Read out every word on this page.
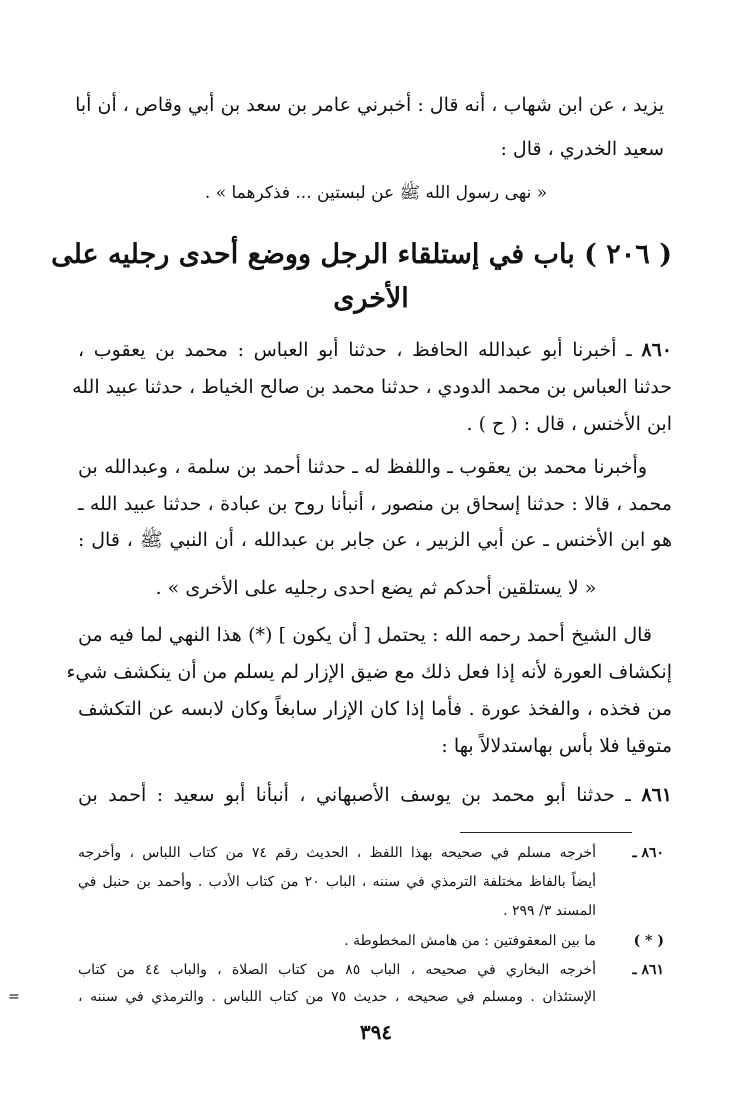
يزيد ، عن ابن شهاب ، أنه قال : أخبرني عامر بن سعد بن أبي وقاص ، أن أبا
سعيد الخدري ، قال :
« نهى رسول الله ﷺ عن لبستين ... فذكرهما » .
( ٢٠٦ ) باب في إستلقاء الرجل ووضع أحدى رجليه على
الأخرى
٨٦٠ ـ أخبرنا أبو عبدالله الحافظ ، حدثنا أبو العباس : محمد بن يعقوب ،
حدثنا العباس بن محمد الدودي ، حدثنا محمد بن صالح الخياط ، حدثنا عبيد الله
ابن الأخنس ، قال : ( ح ) .
وأخبرنا محمد بن يعقوب ـ واللفظ له ـ حدثنا أحمد بن سلمة ، وعبدالله بن
محمد ، قالا : حدثنا إسحاق بن منصور ، أنبأنا روح بن عبادة ، حدثنا عبيد الله ـ
هو ابن الأخنس ـ عن أبي الزبير ، عن جابر بن عبدالله ، أن النبي ﷺ ، قال :
« لا يستلقين أحدكم ثم يضع احدى رجليه على الأخرى » .
قال الشيخ أحمد رحمه الله : يحتمل [ أن يكون ] (*) هذا النهي لما فيه من
إنكشاف العورة لأنه إذا فعل ذلك مع ضيق الإزار لم يسلم من أن ينكشف شيء
من فخذه ، والفخذ عورة . فأما إذا كان الإزار سابغاً وكان لابسه عن التكشف
متوقيا فلا بأس بهاستدلالاً بها :
٨٦١ ـ حدثنا أبو محمد بن يوسف الأصبهاني ، أنبأنا أبو سعيد : أحمد بن
٨٦٠ ـ
أخرجه مسلم في صحيحه بهذا اللفظ ، الحديث رقم ٧٤ من كتاب اللباس ، وأخرجه
أيضاً بالفاظ مختلفة الترمذي في سننه ، الباب ٢٠ من كتاب الأدب . وأحمد بن حنبل في
المسند ٣/ ٢٩٩ .
( * )
ما بين المعقوفتين : من هامش المخطوطة .
٨٦١ ـ
أخرجه البخاري في صحيحه ، الباب ٨٥ من كتاب الصلاة ، والباب ٤٤ من كتاب
الإستئذان . ومسلم في صحيحه ، حديث ٧٥ من كتاب اللباس . والترمذي في سننه ،
=
٣٩٤
